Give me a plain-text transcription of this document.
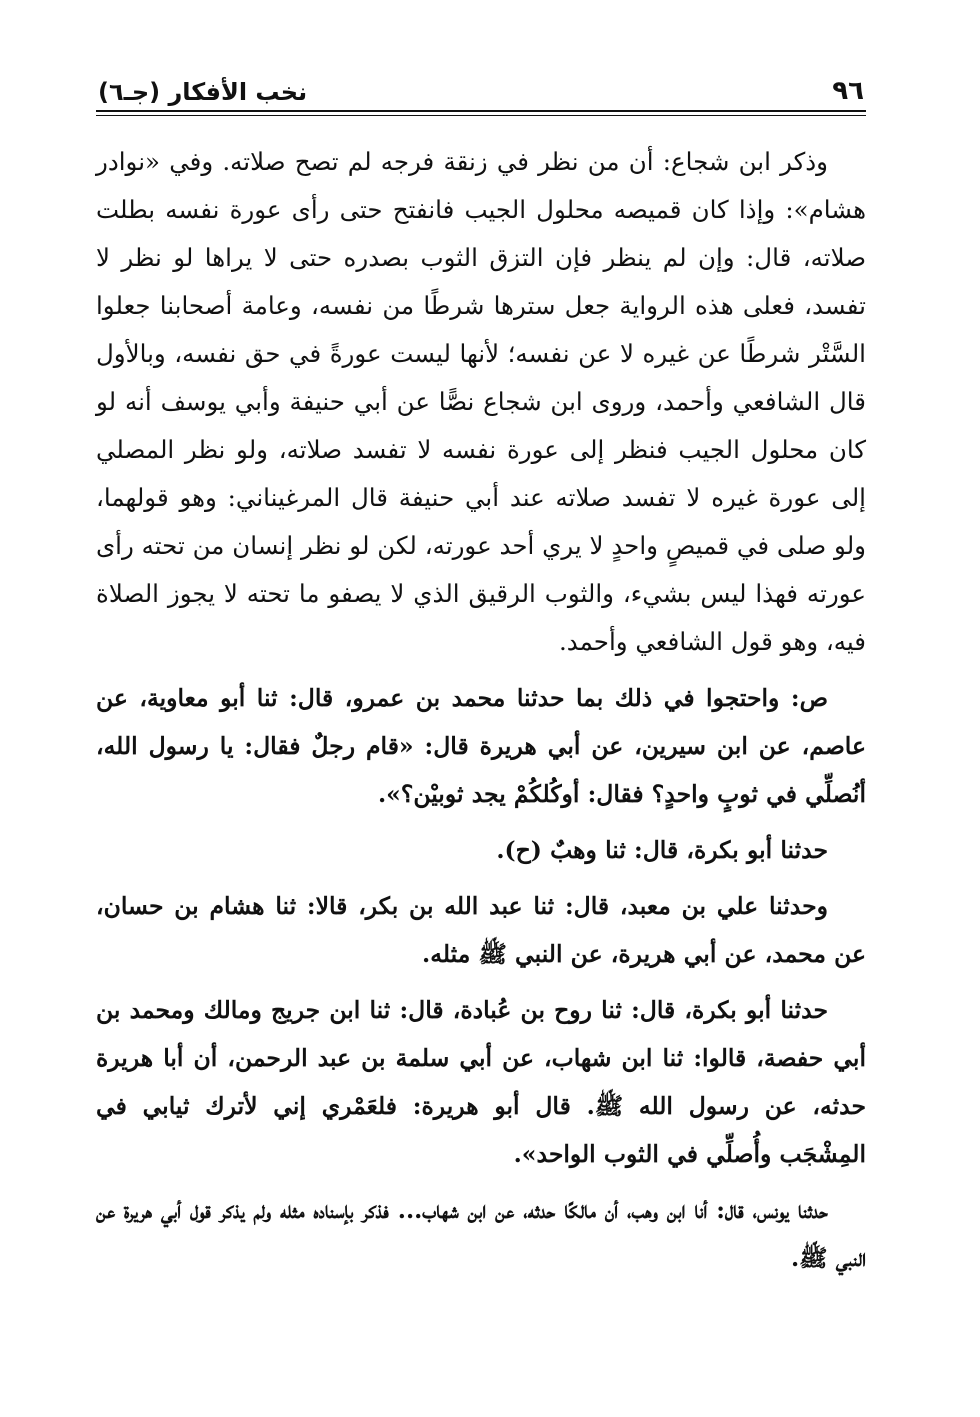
٩٦
نخب الأفكار (جـ٦)

وذكر ابن شجاع: أن من نظر في زنقة فرجه لم تصح صلاته. وفي «نوادر هشام»: وإذا كان قميصه محلول الجيب فانفتح حتى رأى عورة نفسه بطلت صلاته، قال: وإن لم ينظر فإن التزق الثوب بصدره حتى لا يراها لو نظر لا تفسد، فعلى هذه الرواية جعل سترها شرطًا من نفسه، وعامة أصحابنا جعلوا السَّتْر شرطًا عن غيره لا عن نفسه؛ لأنها ليست عورةً في حق نفسه، وبالأول قال الشافعي وأحمد، وروى ابن شجاع نصًّا عن أبي حنيفة وأبي يوسف أنه لو كان محلول الجيب فنظر إلى عورة نفسه لا تفسد صلاته، ولو نظر المصلي إلى عورة غيره لا تفسد صلاته عند أبي حنيفة قال المرغيناني: وهو قولهما، ولو صلى في قميصٍ واحدٍ لا يري أحد عورته، لكن لو نظر إنسان من تحته رأى عورته فهذا ليس بشيء، والثوب الرقيق الذي لا يصفو ما تحته لا يجوز الصلاة فيه، وهو قول الشافعي وأحمد.

ص: واحتجوا في ذلك بما حدثنا محمد بن عمرو، قال: ثنا أبو معاوية، عن عاصم، عن ابن سيرين، عن أبي هريرة قال: «قام رجلٌ فقال: يا رسول الله، أنُصلِّي في ثوبٍ واحدٍ؟ فقال: أوكُلكُمْ يجد ثوبيْن؟».

حدثنا أبو بكرة، قال: ثنا وهبٌ (ح).

وحدثنا علي بن معبد، قال: ثنا عبد الله بن بكر، قالا: ثنا هشام بن حسان، عن محمد، عن أبي هريرة، عن النبي ﷺ مثله.

حدثنا أبو بكرة، قال: ثنا روح بن عُبادة، قال: ثنا ابن جريج ومالك ومحمد بن أبي حفصة، قالوا: ثنا ابن شهاب، عن أبي سلمة بن عبد الرحمن، أن أبا هريرة حدثه، عن رسول الله ﷺ. قال أبو هريرة: فلعَمْري إني لأترك ثيابي في المِشْجَب وأُصلِّي في الثوب الواحد».

حدثنا يونس، قال: أنا ابن وهب، أن مالكًا حدثه، عن ابن شهاب... فذكر بإسناده مثله ولم يذكر قول أبي هريرة عن النبي ﷺ.
